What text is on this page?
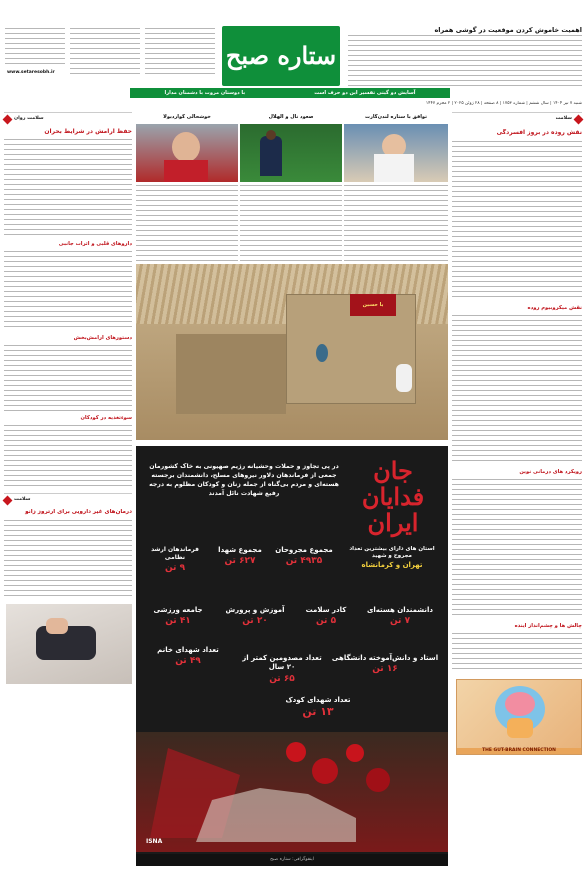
www.setaresobh.ir
ستاره صبح
اهمیت خاموش کردن موقعیت در گوشی همراه
آسایش دو گیتی تفسیر این دو حرف است
با دوستان مروت با دشمنان مدارا
شنبه ۷ تیر ۱۴۰۴ | سال ششم | شماره ۱۷۵۳ | ۸ صفحه | ۲۸ ژوئن ۲۰۲۵ | ۲ محرم ۱۴۴۷
سلامت
نقش روده در بروز افسردگی
نقش میکروبیوم روده
رویکرد های درمانی نوین
چالش ها و چشم‌انداز آینده
THE GUT-BRAIN CONNECTION
سلامت روان
حفظ آرامش در شرایط بحران
داروهای قلبی و اثرات جانبی
دستورهای آرامش‌بخش
سوءتغذیه در کودکان
سلامت
درمان‌های غیر دارویی برای آرتروز زانو
توافق با ستاره لندن‌گارت
صعود نال و الهلال
خوشحالی گواردیولا
یا حسین
جان فدایان ایران
در پی تجاوز و حملات وحشیانه رژیم صهیونی به خاک کشورمان جمعی از فرماندهان دلاور نیروهای مسلح، دانشمندان برجسته هسته‌ای و مردم بی‌گناه از جمله زنان و کودکان مظلوم به درجه رفیع شهادت نائل آمدند
استان های دارای بیشترین تعداد مجروح و شهید
تهران و کرمانشاه
مجموع مجروحان
۴۹۳۵ تن
مجموع شهدا
۶۲۷ تن
فرماندهان ارشد نظامی
۹ تن
دانشمندان هسته‌ای
۷ تن
کادر سلامت
۵ تن
آموزش و پرورش
۲۰ تن
جامعه ورزشی
۴۱ تن
استاد و دانش‌آموخته دانشگاهی
۱۶ تن
تعداد مصدومین کمتر از ۲۰ سال
۶۵ تن
تعداد شهدای خانم
۴۹ تن
تعداد شهدای کودک
۱۳ تن
ISNA
اینفوگرافی: ستاره صبح
